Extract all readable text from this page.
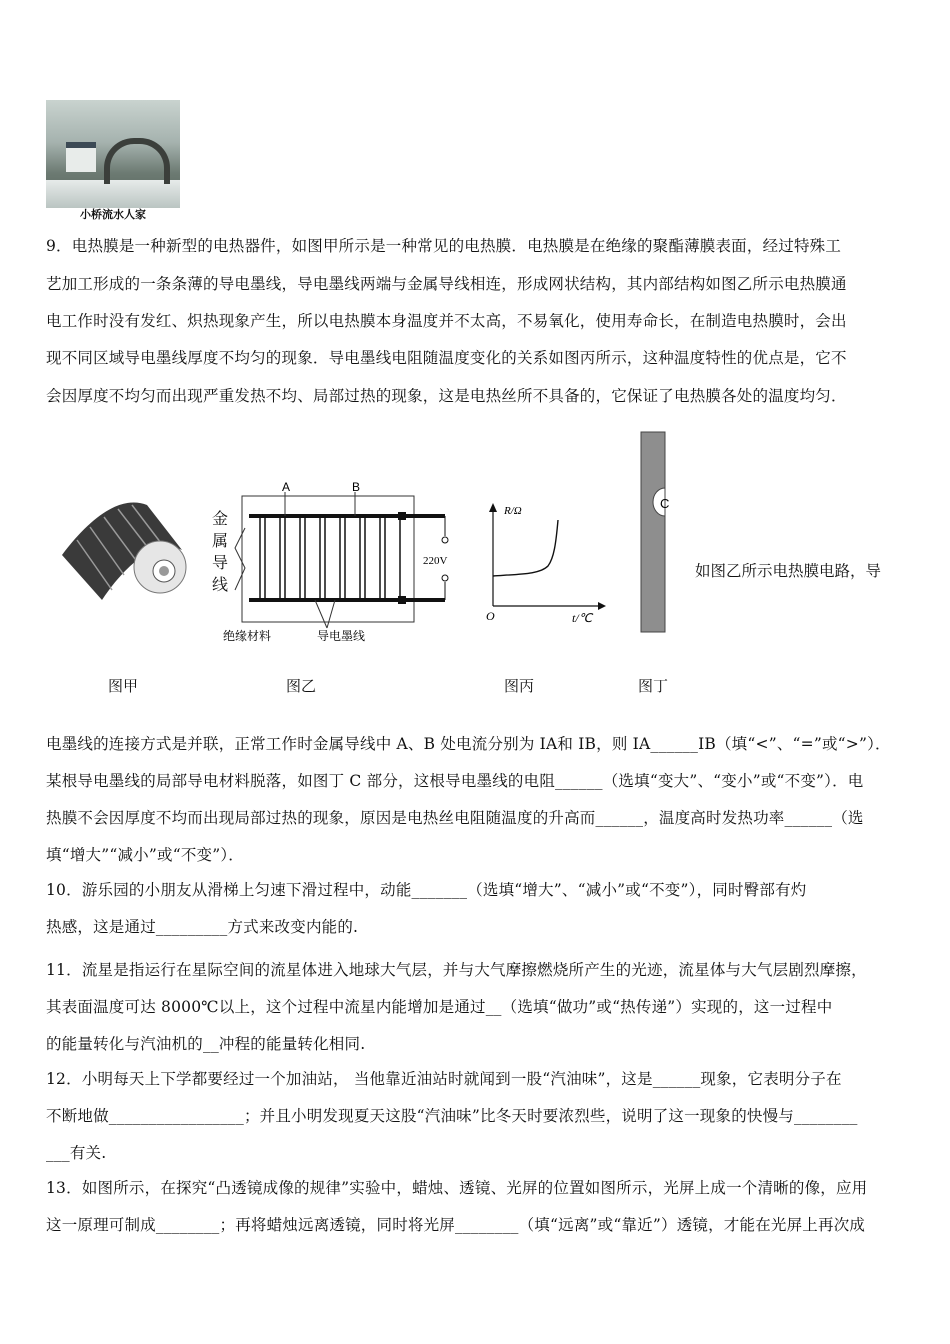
小桥流水人家
9．电热膜是一种新型的电热器件，如图甲所示是一种常见的电热膜．电热膜是在绝缘的聚酯薄膜表面，经过特殊工
艺加工形成的一条条薄的导电墨线，导电墨线两端与金属导线相连，形成网状结构，其内部结构如图乙所示电热膜通
电工作时没有发红、炽热现象产生，所以电热膜本身温度并不太高，不易氧化，使用寿命长，在制造电热膜时，会出
现不同区域导电墨线厚度不均匀的现象．导电墨线电阻随温度变化的关系如图丙所示，这种温度特性的优点是，它不
会因厚度不均匀而出现严重发热不均、局部过热的现象，这是电热丝所不具备的，它保证了电热膜各处的温度均匀．
A	B
220V
绝缘材料	导电墨线
金
属
导
线
R/Ω
O	t/℃
C
如图乙所示电热膜电路，导
图甲	图乙	图丙	图丁
电墨线的连接方式是并联，正常工作时金属导线中 A、B 处电流分别为 IA和 IB，则 IA______IB（填“<”、“=”或“>”）．
某根导电墨线的局部导电材料脱落，如图丁 C 部分，这根导电墨线的电阻______（选填“变大”、“变小”或“不变”）．电
热膜不会因厚度不均而出现局部过热的现象，原因是电热丝电阻随温度的升高而______，温度高时发热功率______（选
填“增大”“减小”或“不变”）．
10．游乐园的小朋友从滑梯上匀速下滑过程中，动能_______（选填“增大”、“减小”或“不变”），同时臀部有灼
热感，这是通过_________方式来改变内能的.
11．流星是指运行在星际空间的流星体进入地球大气层，并与大气摩擦燃烧所产生的光迹，流星体与大气层剧烈摩擦，
其表面温度可达 8000℃以上，这个过程中流星内能增加是通过__（选填“做功”或“热传递”）实现的，这一过程中
的能量转化与汽油机的__冲程的能量转化相同.
12．小明每天上下学都要经过一个加油站， 当他靠近油站时就闻到一股“汽油味”，这是______现象，它表明分子在
不断地做_________________；并且小明发现夏天这股“汽油味”比冬天时要浓烈些，说明了这一现象的快慢与________
___有关.
13．如图所示，在探究“凸透镜成像的规律”实验中，蜡烛、透镜、光屏的位置如图所示，光屏上成一个清晰的像，应用
这一原理可制成________；再将蜡烛远离透镜，同时将光屏________（填“远离”或“靠近”）透镜，才能在光屏上再次成
